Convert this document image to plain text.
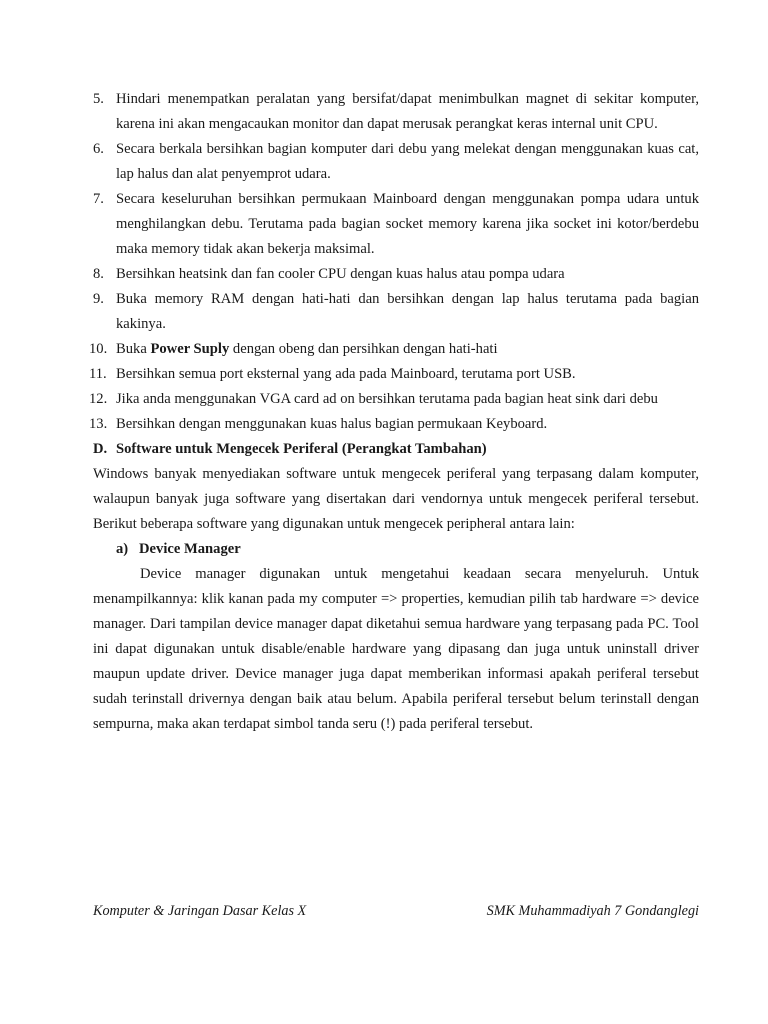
5. Hindari menempatkan peralatan yang bersifat/dapat menimbulkan magnet di sekitar komputer, karena ini akan mengacaukan monitor dan dapat merusak perangkat keras internal unit CPU.
6. Secara berkala bersihkan bagian komputer dari debu yang melekat dengan menggunakan kuas cat, lap halus dan alat penyemprot udara.
7. Secara keseluruhan bersihkan permukaan Mainboard dengan menggunakan pompa udara untuk menghilangkan debu. Terutama pada bagian socket memory karena jika socket ini kotor/berdebu maka memory tidak akan bekerja maksimal.
8. Bersihkan heatsink dan fan cooler CPU dengan kuas halus atau pompa udara
9. Buka memory RAM dengan hati-hati dan bersihkan dengan lap halus terutama pada bagian kakinya.
10. Buka Power Suply dengan obeng dan persihkan dengan hati-hati
11. Bersihkan semua port eksternal yang ada pada Mainboard, terutama port USB.
12. Jika anda menggunakan VGA card ad on bersihkan terutama pada bagian heat sink dari debu
13. Bersihkan dengan menggunakan kuas halus bagian permukaan Keyboard.

D. Software untuk Mengecek Periferal (Perangkat Tambahan)

Windows banyak menyediakan software untuk mengecek periferal yang terpasang dalam komputer, walaupun banyak juga software yang disertakan dari vendornya untuk mengecek periferal tersebut. Berikut beberapa software yang digunakan untuk mengecek peripheral antara lain:

a) Device Manager

Device manager digunakan untuk mengetahui keadaan secara menyeluruh. Untuk menampilkannya: klik kanan pada my computer => properties, kemudian pilih tab hardware => device manager. Dari tampilan device manager dapat diketahui semua hardware yang terpasang pada PC. Tool ini dapat digunakan untuk disable/enable hardware yang dipasang dan juga untuk uninstall driver maupun update driver. Device manager juga dapat memberikan informasi apakah periferal tersebut sudah terinstall drivernya dengan baik atau belum. Apabila periferal tersebut belum terinstall dengan sempurna, maka akan terdapat simbol tanda seru (!) pada periferal tersebut.

Komputer & Jaringan Dasar Kelas X	SMK Muhammadiyah 7 Gondanglegi
